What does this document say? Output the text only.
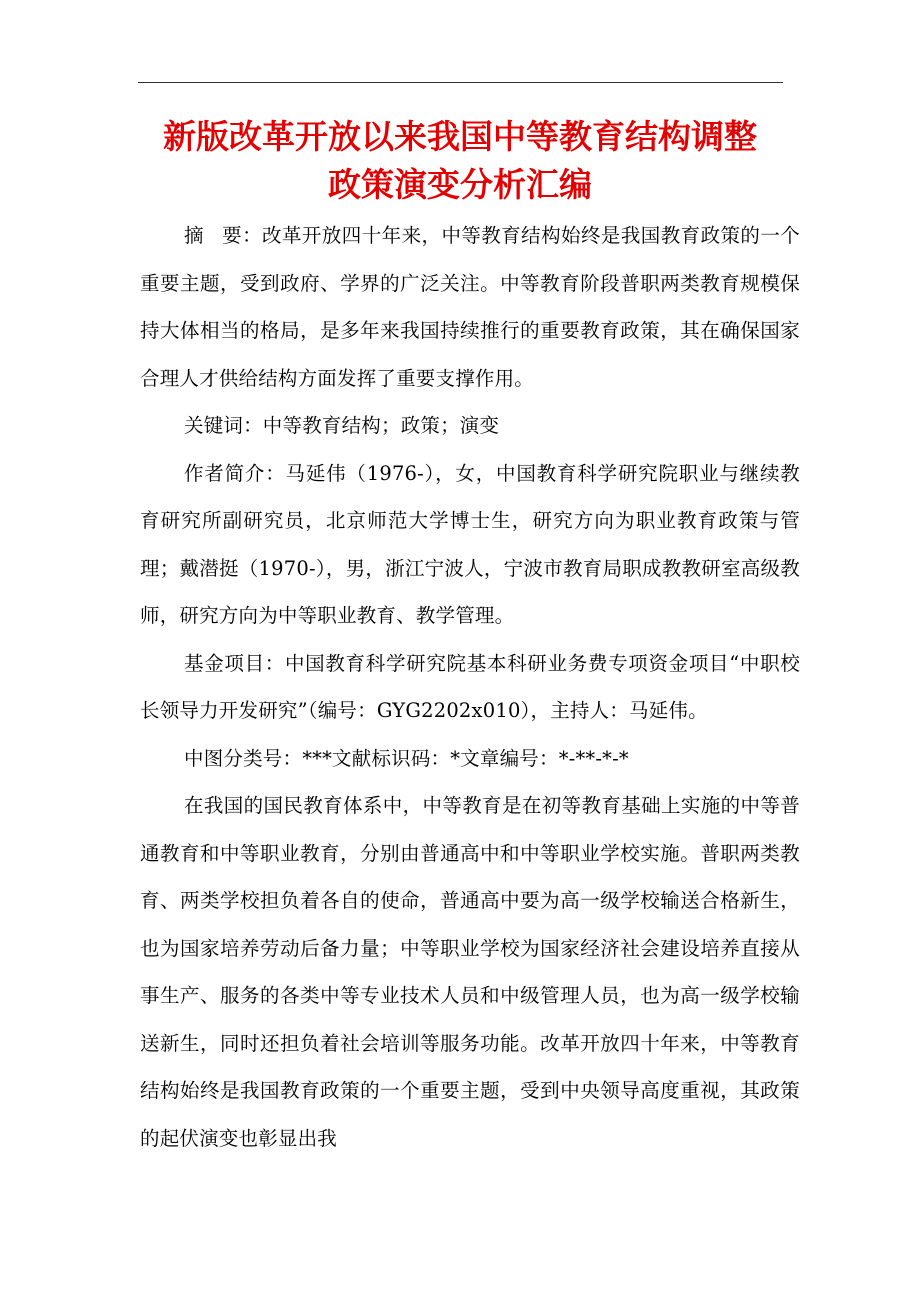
新版改革开放以来我国中等教育结构调整
政策演变分析汇编

摘 要：改革开放四十年来，中等教育结构始终是我国教育政策的一个重要主题，受到政府、学界的广泛关注。中等教育阶段普职两类教育规模保持大体相当的格局，是多年来我国持续推行的重要教育政策，其在确保国家合理人才供给结构方面发挥了重要支撑作用。

关键词：中等教育结构；政策；演变

作者简介：马延伟（1976-），女，中国教育科学研究院职业与继续教育研究所副研究员，北京师范大学博士生，研究方向为职业教育政策与管理；戴潜挺（1970-），男，浙江宁波人，宁波市教育局职成教教研室高级教师，研究方向为中等职业教育、教学管理。

基金项目：中国教育科学研究院基本科研业务费专项资金项目“中职校长领导力开发研究”（编号：GYG2202x010），主持人：马延伟。

中图分类号：***文献标识码：*文章编号：*-**-*-*

在我国的国民教育体系中，中等教育是在初等教育基础上实施的中等普通教育和中等职业教育，分别由普通高中和中等职业学校实施。普职两类教育、两类学校担负着各自的使命，普通高中要为高一级学校输送合格新生，也为国家培养劳动后备力量；中等职业学校为国家经济社会建设培养直接从事生产、服务的各类中等专业技术人员和中级管理人员，也为高一级学校输送新生，同时还担负着社会培训等服务功能。改革开放四十年来，中等教育结构始终是我国教育政策的一个重要主题，受到中央领导高度重视，其政策的起伏演变也彰显出我
